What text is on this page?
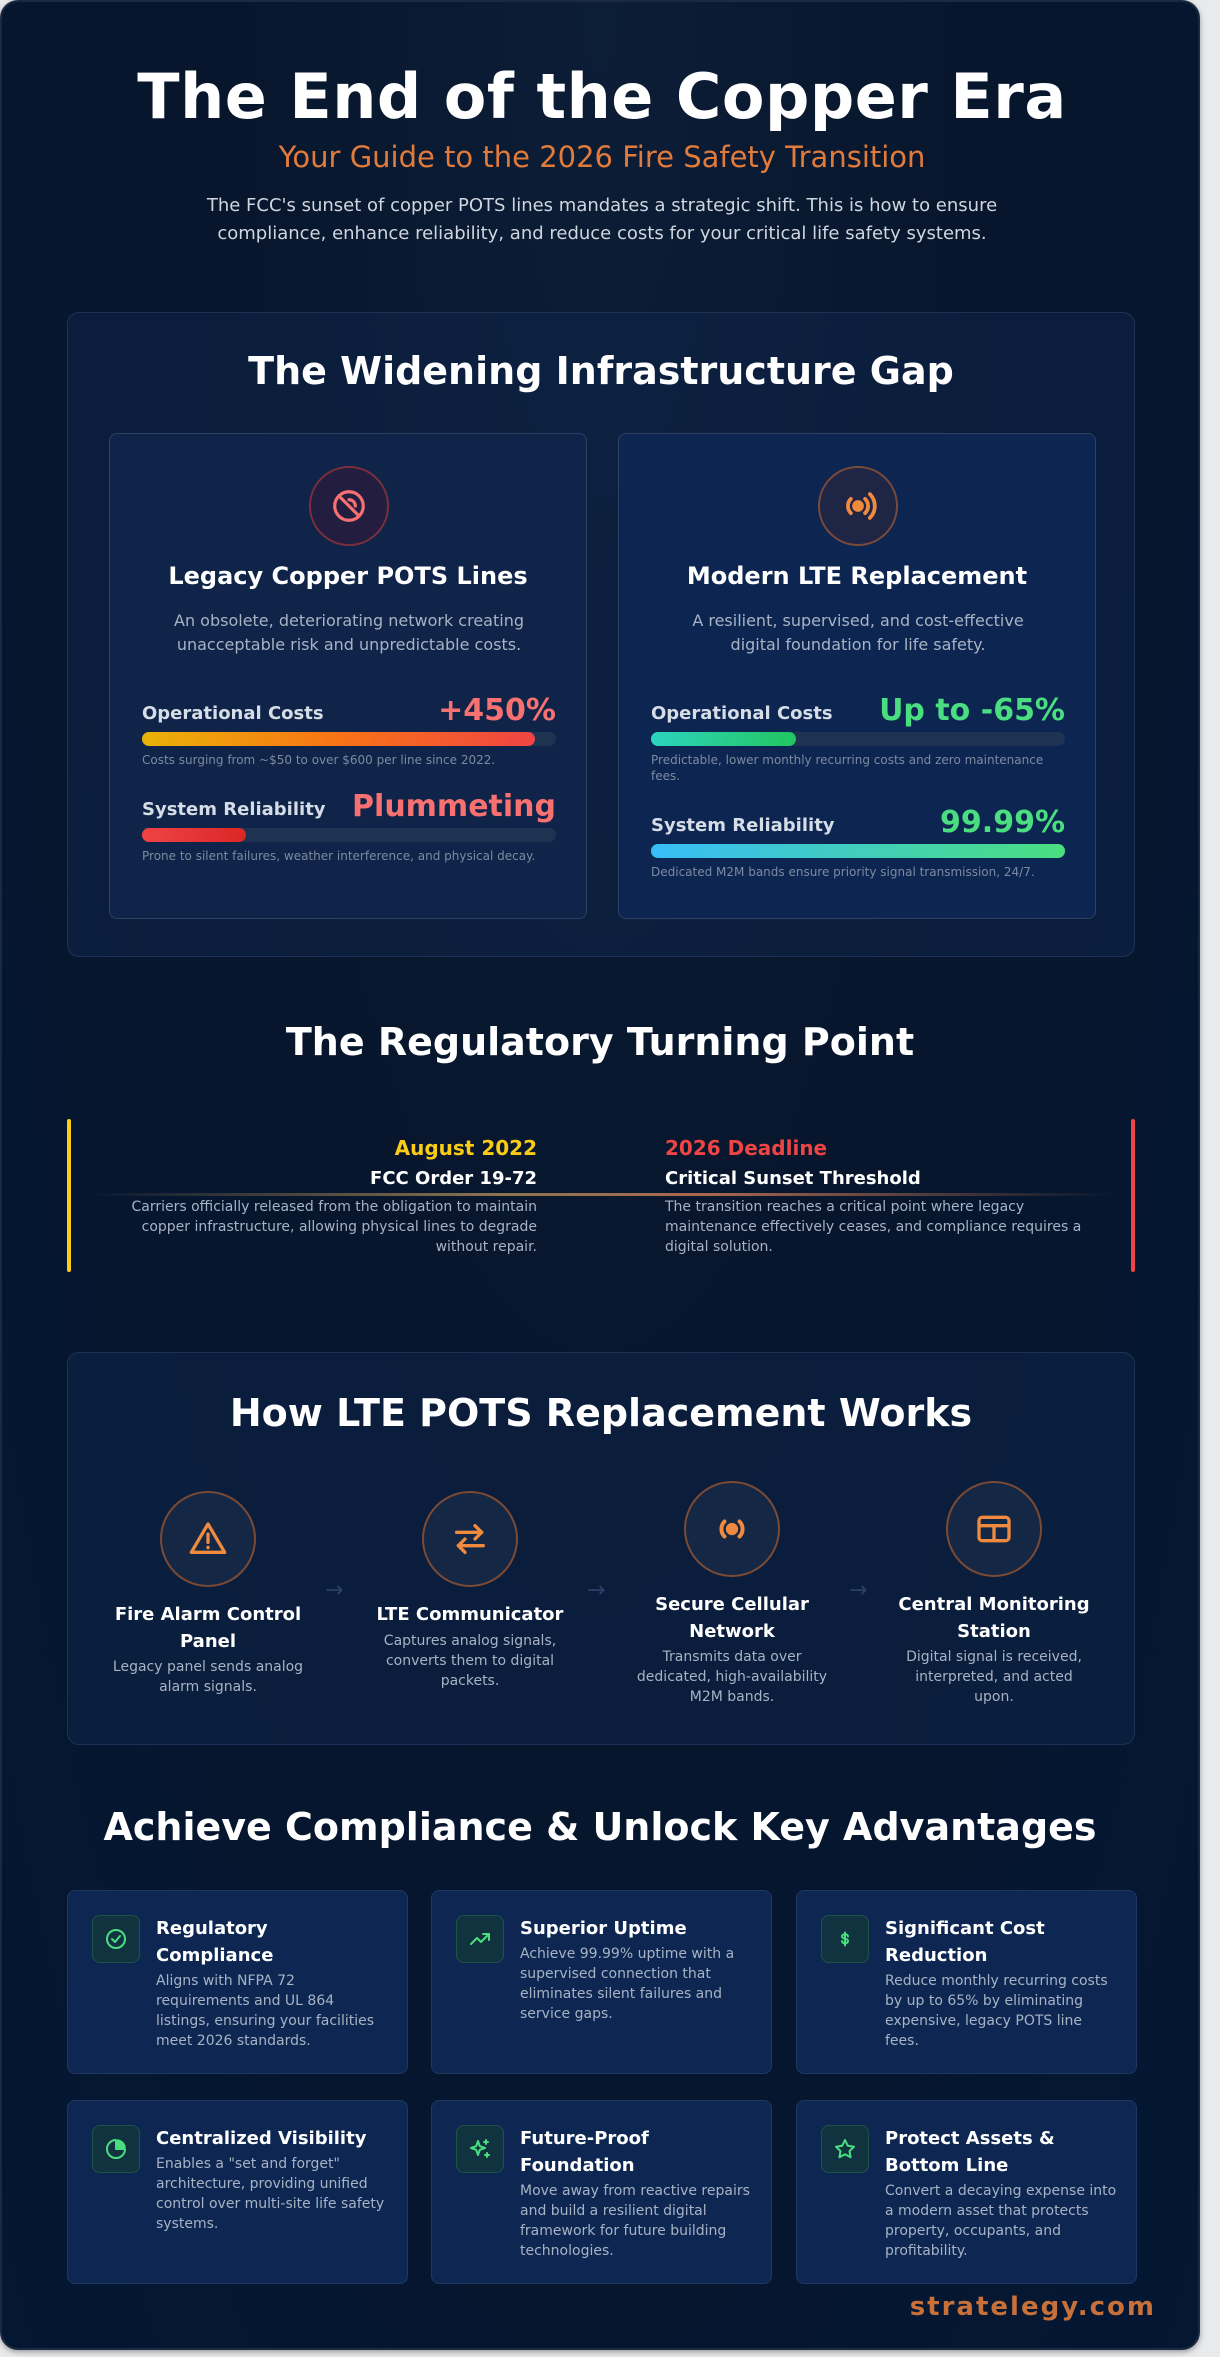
The End of the Copper Era
Your Guide to the 2026 Fire Safety Transition

The FCC's sunset of copper POTS lines mandates a strategic shift. This is how to ensure compliance, enhance reliability, and reduce costs for your critical life safety systems.

The Widening Infrastructure Gap
Legacy Copper POTS Lines
An obsolete, deteriorating network creating unacceptable risk and unpredictable costs.
Operational Costs	+450%
Costs surging from ~$50 to over $600 per line since 2022.
System Reliability Plummeting
Prone to silent failures, weather interference, and physical decay.
Modern LTE Replacement
A resilient, supervised, and cost-effective digital foundation for life safety.
Operational Costs Up to -65%
Predictable, lower monthly recurring costs and zero maintenance fees.
System Reliability	99.99%
Dedicated M2M bands ensure priority signal transmission, 24/7.
The Regulatory Turning Point
August 2022
FCC Order 19-72
Carriers officially released from the obligation to maintain copper infrastructure, allowing physical lines to degrade without repair.
2026 Deadline
Critical Sunset Threshold
The transition reaches a critical point where legacy maintenance effectively ceases, and compliance requires a digital solution.
How LTE POTS Replacement Works
Fire Alarm Control Panel
Legacy panel sends analog alarm signals.
LTE Communicator
Captures analog signals, converts them to digital packets.
Secure Cellular Network
Transmits data over dedicated, high-availability M2M bands.
Central Monitoring Station
Digital signal is received, interpreted, and acted upon.
→	→	→
Achieve Compliance & Unlock Key Advantages
Regulatory Compliance
Aligns with NFPA 72 requirements and UL 864 listings, ensuring your facilities meet 2026 standards.
Superior Uptime
Achieve 99.99% uptime with a supervised connection that eliminates silent failures and service gaps.
Significant Cost Reduction
Reduce monthly recurring costs by up to 65% by eliminating expensive, legacy POTS line fees.
Centralized Visibility
Enables a "set and forget" architecture, providing unified control over multi-site life safety systems.
Future-Proof Foundation
Move away from reactive repairs and build a resilient digital framework for future building technologies.
Protect Assets & Bottom Line
Convert a decaying expense into a modern asset that protects property, occupants, and profitability.
stratelegy.com
